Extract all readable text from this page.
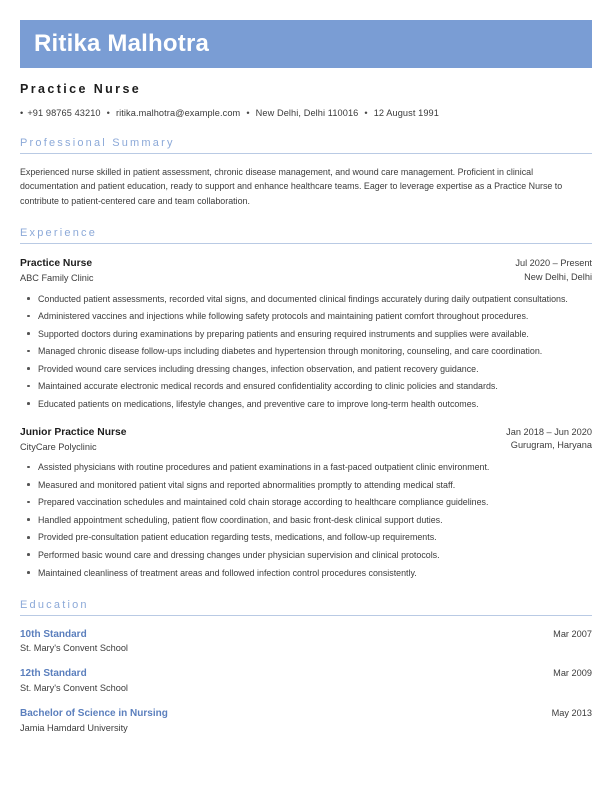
Ritika Malhotra
Practice Nurse
• +91 98765 43210 • ritika.malhotra@example.com • New Delhi, Delhi 110016 • 12 August 1991
Professional Summary
Experienced nurse skilled in patient assessment, chronic disease management, and wound care management. Proficient in clinical documentation and patient education, ready to support and enhance healthcare teams. Eager to leverage expertise as a Practice Nurse to contribute to patient-centered care and team collaboration.
Experience
Practice Nurse
ABC Family Clinic
Jul 2020 – Present
New Delhi, Delhi
Conducted patient assessments, recorded vital signs, and documented clinical findings accurately during daily outpatient consultations.
Administered vaccines and injections while following safety protocols and maintaining patient comfort throughout procedures.
Supported doctors during examinations by preparing patients and ensuring required instruments and supplies were available.
Managed chronic disease follow-ups including diabetes and hypertension through monitoring, counseling, and care coordination.
Provided wound care services including dressing changes, infection observation, and patient recovery guidance.
Maintained accurate electronic medical records and ensured confidentiality according to clinic policies and standards.
Educated patients on medications, lifestyle changes, and preventive care to improve long-term health outcomes.
Junior Practice Nurse
CityCare Polyclinic
Jan 2018 – Jun 2020
Gurugram, Haryana
Assisted physicians with routine procedures and patient examinations in a fast-paced outpatient clinic environment.
Measured and monitored patient vital signs and reported abnormalities promptly to attending medical staff.
Prepared vaccination schedules and maintained cold chain storage according to healthcare compliance guidelines.
Handled appointment scheduling, patient flow coordination, and basic front-desk clinical support duties.
Provided pre-consultation patient education regarding tests, medications, and follow-up requirements.
Performed basic wound care and dressing changes under physician supervision and clinical protocols.
Maintained cleanliness of treatment areas and followed infection control procedures consistently.
Education
10th Standard
St. Mary's Convent School
Mar 2007
12th Standard
St. Mary's Convent School
Mar 2009
Bachelor of Science in Nursing
Jamia Hamdard University
May 2013
